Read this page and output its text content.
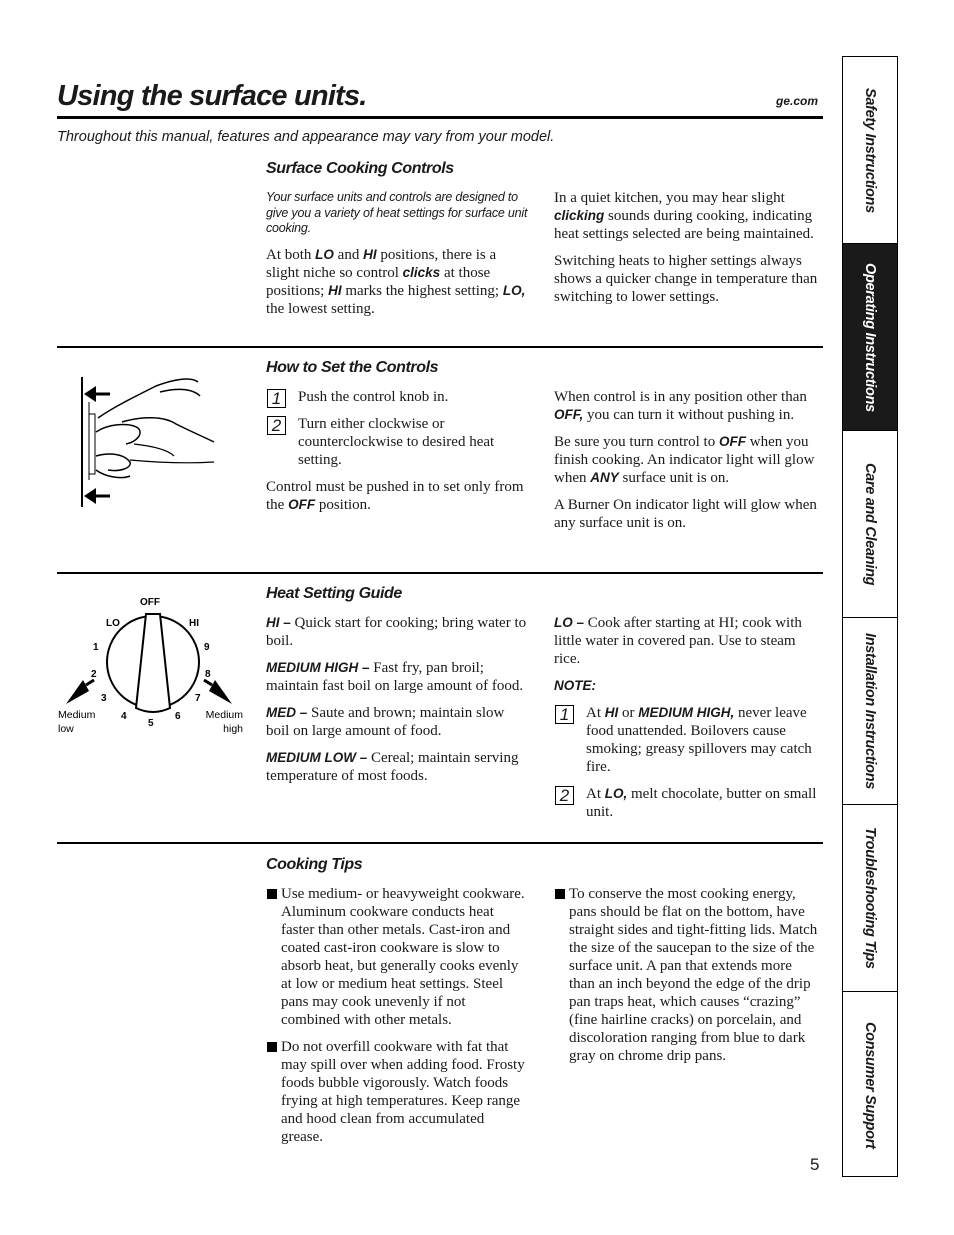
Using the surface units.	ge.com
Throughout this manual, features and appearance may vary from your model.
Surface Cooking Controls

Your surface units and controls are designed to give you a variety of heat settings for surface unit cooking.

At both LO and HI positions, there is a slight niche so control clicks at those positions; HI marks the highest setting; LO, the lowest setting.

In a quiet kitchen, you may hear slight clicking sounds during cooking, indicating heat settings selected are being maintained.

Switching heats to higher settings always shows a quicker change in temperature than switching to lower settings.

How to Set the Controls
1	Push the control knob in.
2	Turn either clockwise or counterclockwise to desired heat setting.

Control must be pushed in to set only from the OFF position.

When control is in any position other than OFF, you can turn it without pushing in.

Be sure you turn control to OFF when you finish cooking. An indicator light will glow when ANY surface unit is on.

A Burner On indicator light will glow when any surface unit is on.

OFF
LO	HI
1
2
3
4
5
6
7
8
9
Medium
low
Medium
high
Heat Setting Guide

HI – Quick start for cooking; bring water to boil.

MEDIUM HIGH – Fast fry, pan broil; maintain fast boil on large amount of food.

MED – Saute and brown; maintain slow boil on large amount of food.

MEDIUM LOW – Cereal; maintain serving temperature of most foods.

LO – Cook after starting at HI; cook with little water in covered pan. Use to steam rice.

NOTE:

1	At HI or MEDIUM HIGH, never leave food unattended. Boilovers cause smoking; greasy spillovers may catch fire.
2	At LO, melt chocolate, butter on small unit.
Cooking Tips
Use medium- or heavyweight cookware. Aluminum cookware conducts heat faster than other metals. Cast-iron and coated cast-iron cookware is slow to absorb heat, but generally cooks evenly at low or medium heat settings. Steel pans may cook unevenly if not combined with other metals.
Do not overfill cookware with fat that may spill over when adding food. Frosty foods bubble vigorously. Watch foods frying at high temperatures. Keep range and hood clean from accumulated grease.
To conserve the most cooking energy, pans should be flat on the bottom, have straight sides and tight-fitting lids. Match the size of the saucepan to the size of the surface unit. A pan that extends more than an inch beyond the edge of the drip pan traps heat, which causes “crazing” (fine hairline cracks) on porcelain, and discoloration ranging from blue to dark gray on chrome drip pans.
Safety Instructions
Operating Instructions
Care and Cleaning
Installation Instructions
Troubleshooting Tips
Consumer Support
5
